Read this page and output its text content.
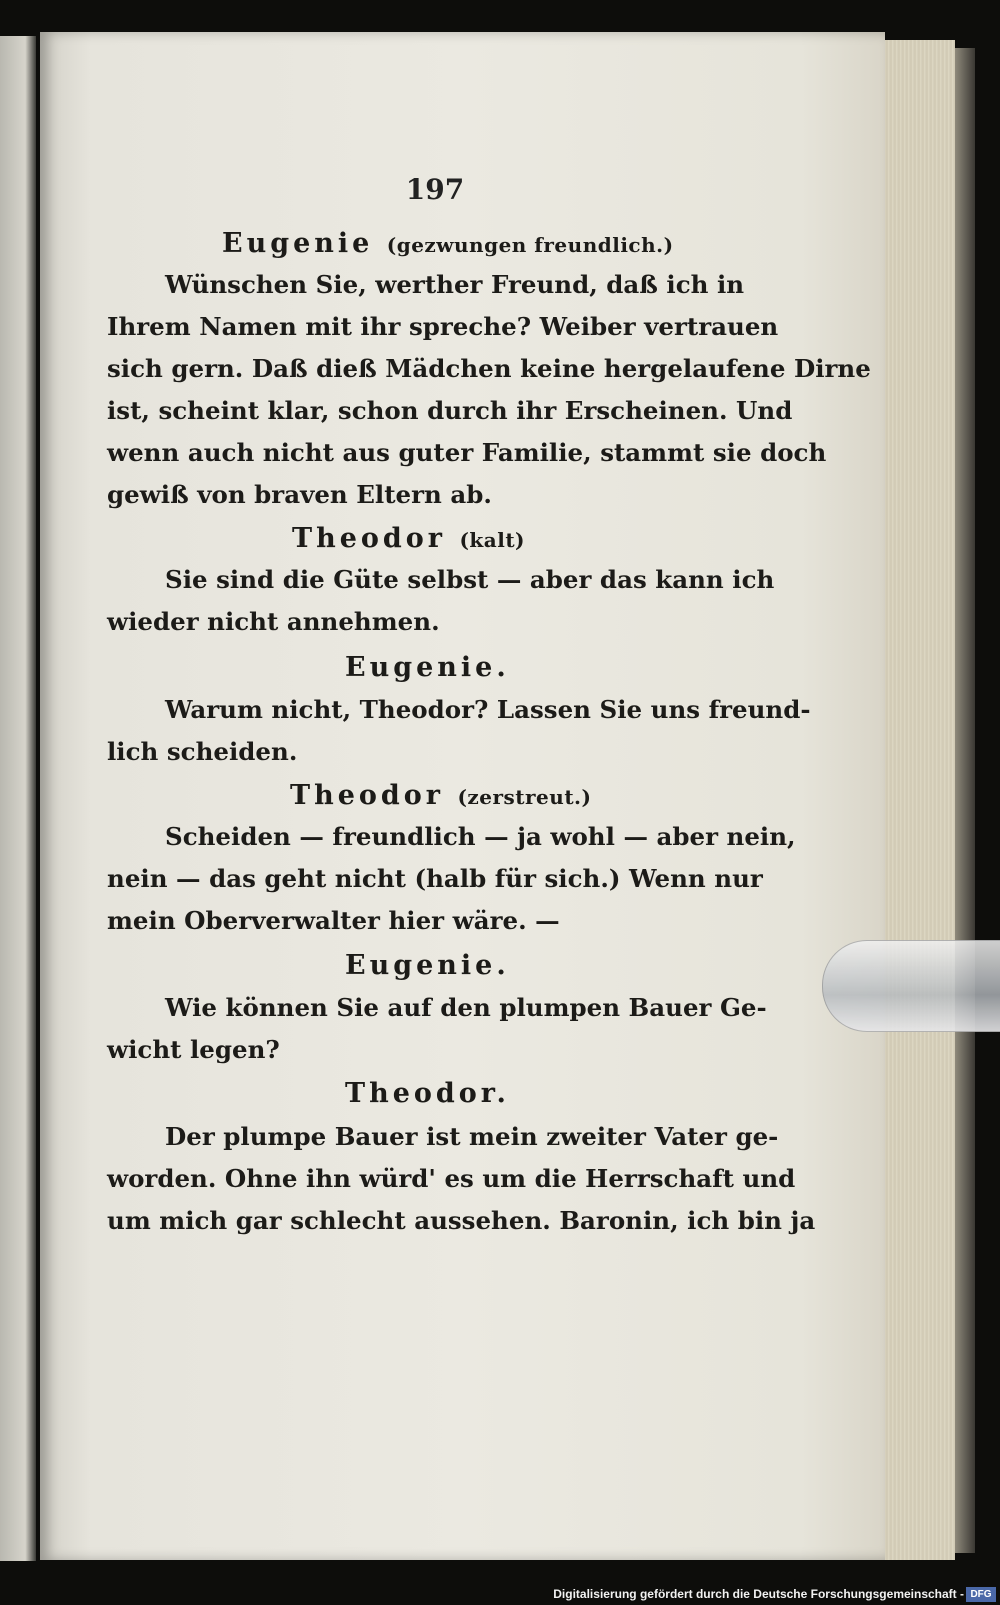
197
Eugenie (gezwungen freundlich.)
Wünschen Sie, werther Freund, daß ich in
Ihrem Namen mit ihr spreche? Weiber vertrauen
sich gern. Daß dieß Mädchen keine hergelaufene Dirne
ist, scheint klar, schon durch ihr Erscheinen. Und
wenn auch nicht aus guter Familie, stammt sie doch
gewiß von braven Eltern ab.
Theodor (kalt)
Sie sind die Güte selbst — aber das kann ich
wieder nicht annehmen.
Eugenie.
Warum nicht, Theodor? Lassen Sie uns freund-
lich scheiden.
Theodor (zerstreut.)
Scheiden — freundlich — ja wohl — aber nein,
nein — das geht nicht (halb für sich.) Wenn nur
mein Oberverwalter hier wäre. —
Eugenie.
Wie können Sie auf den plumpen Bauer Ge-
wicht legen?
Theodor.
Der plumpe Bauer ist mein zweiter Vater ge-
worden. Ohne ihn würd' es um die Herrschaft und
um mich gar schlecht aussehen. Baronin, ich bin ja
Digitalisierung gefördert durch die Deutsche Forschungsgemeinschaft - DFG
